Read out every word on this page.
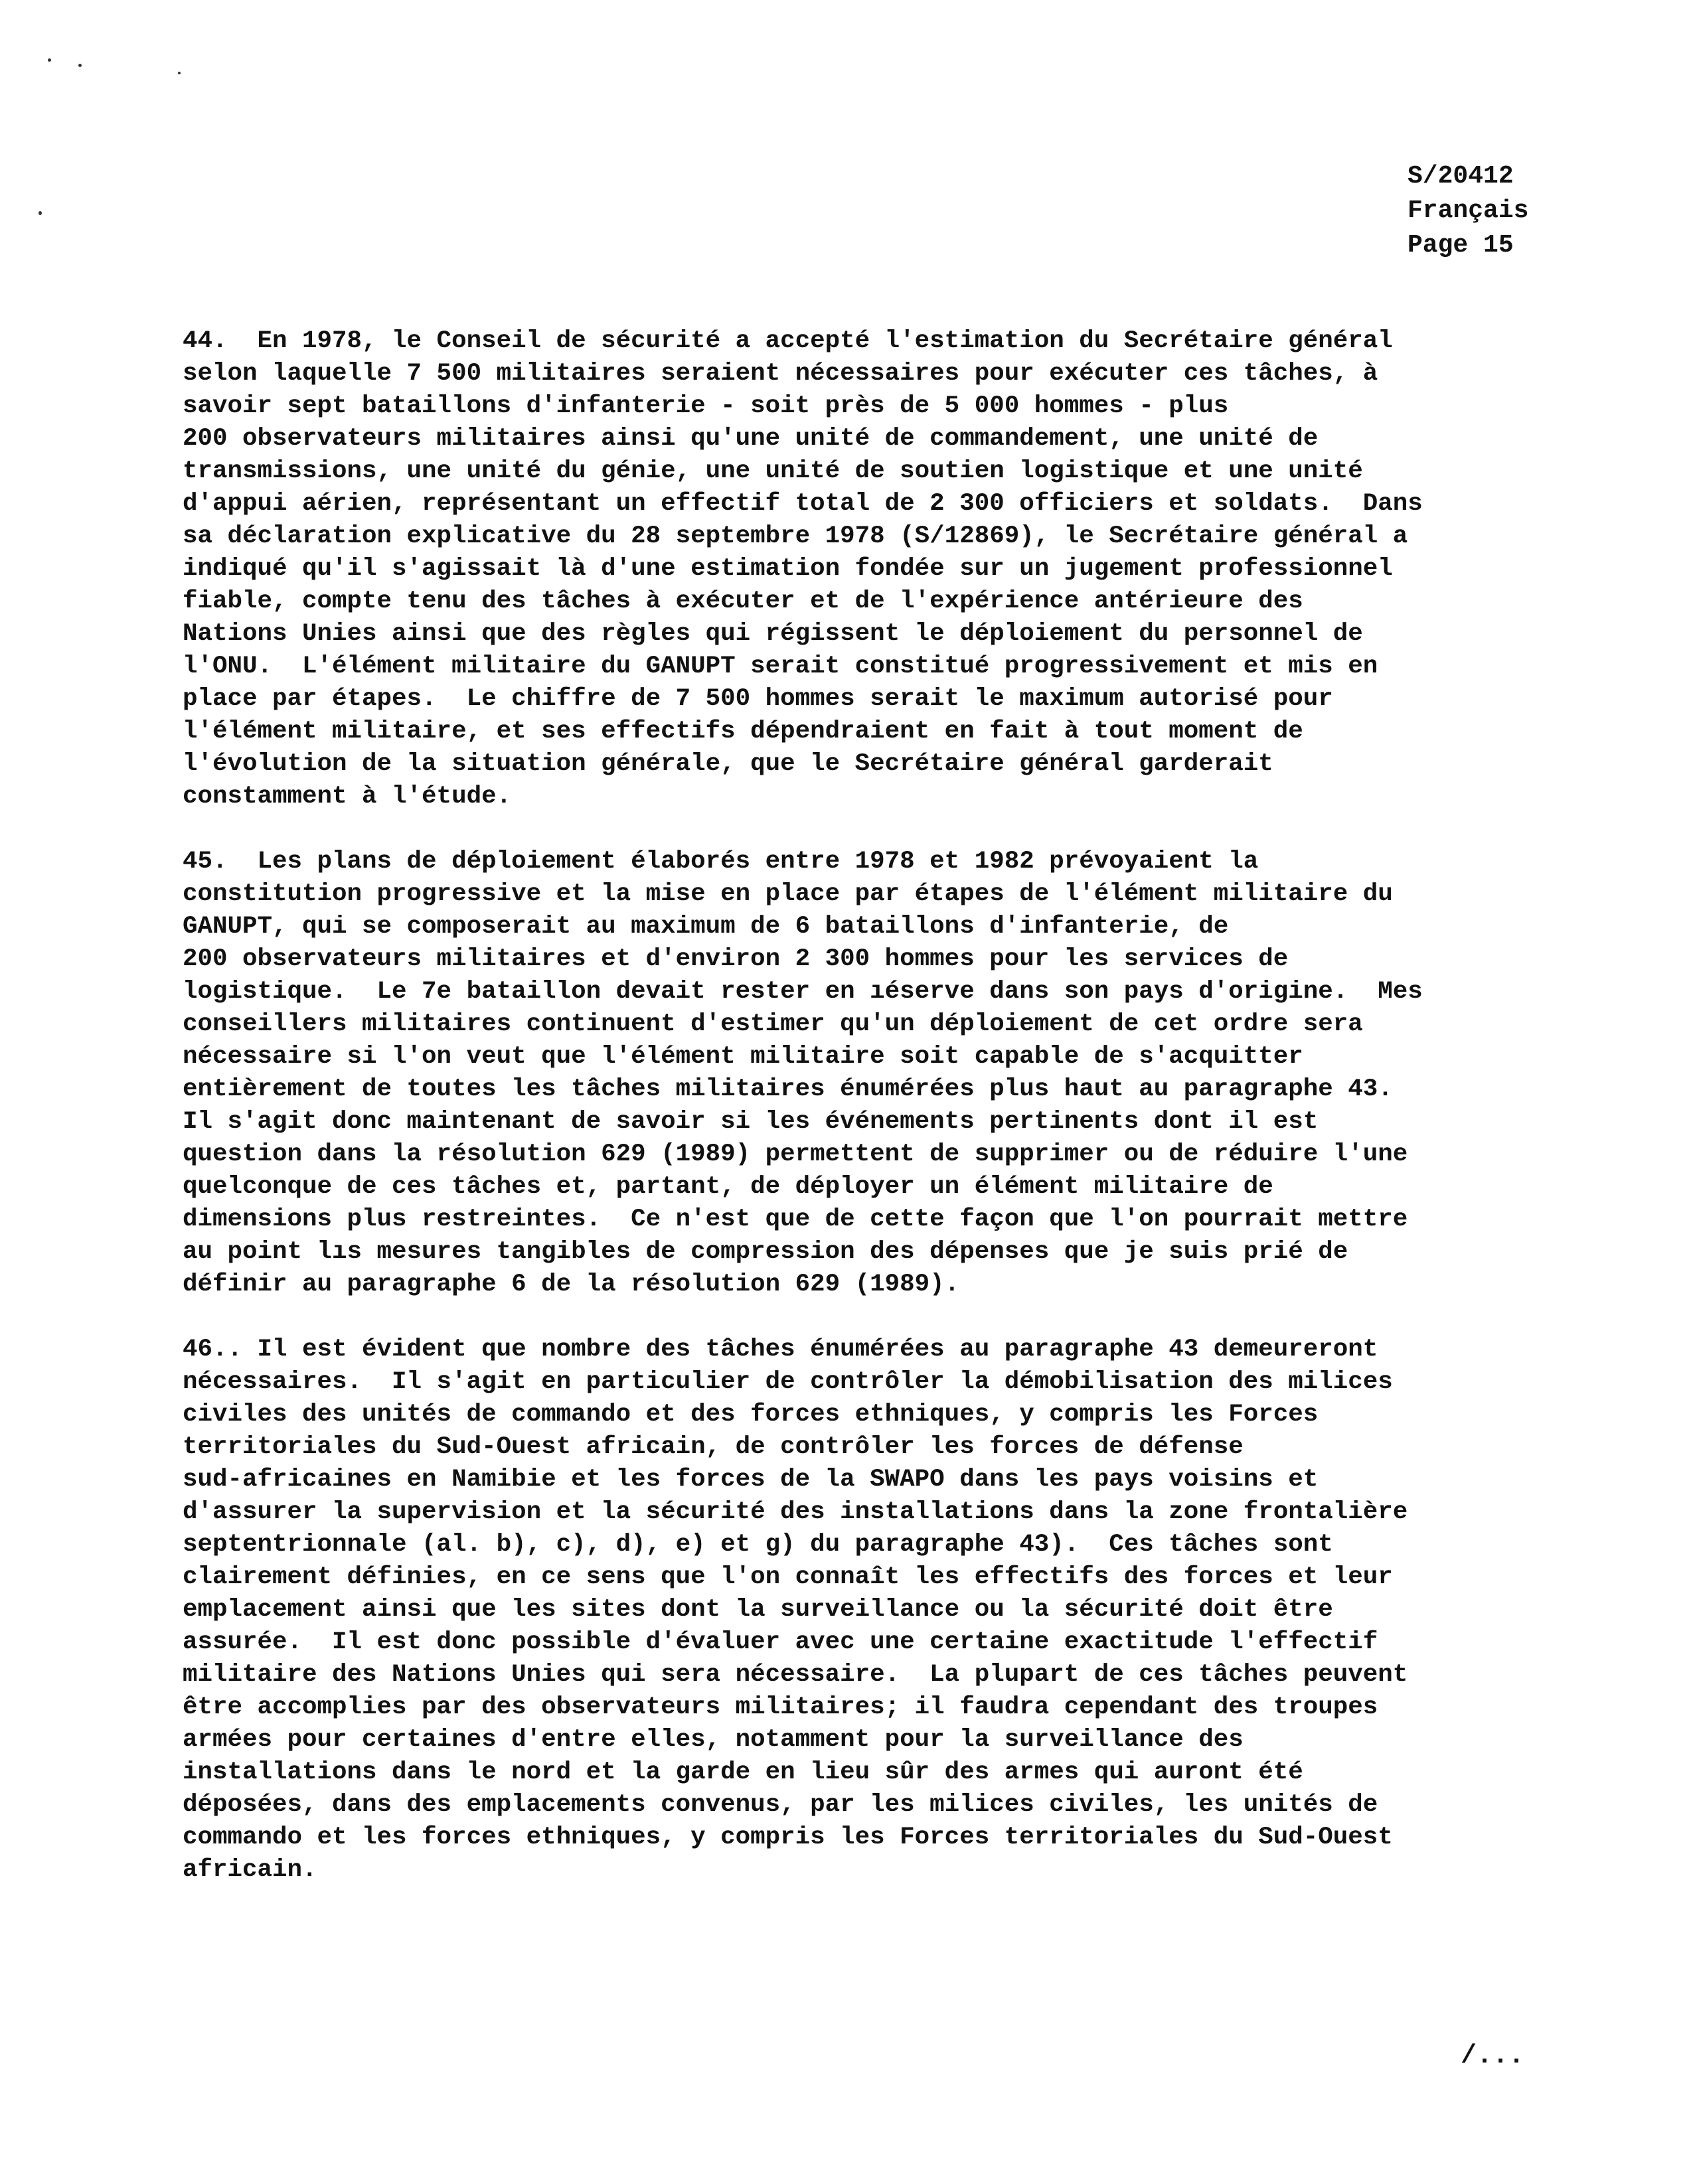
S/20412
Français
Page 15
44.  En 1978, le Conseil de sécurité a accepté l'estimation du Secrétaire général
selon laquelle 7 500 militaires seraient nécessaires pour exécuter ces tâches, à
savoir sept bataillons d'infanterie - soit près de 5 000 hommes - plus
200 observateurs militaires ainsi qu'une unité de commandement, une unité de
transmissions, une unité du génie, une unité de soutien logistique et une unité
d'appui aérien, représentant un effectif total de 2 300 officiers et soldats.  Dans
sa déclaration explicative du 28 septembre 1978 (S/12869), le Secrétaire général a
indiqué qu'il s'agissait là d'une estimation fondée sur un jugement professionnel
fiable, compte tenu des tâches à exécuter et de l'expérience antérieure des
Nations Unies ainsi que des règles qui régissent le déploiement du personnel de
l'ONU.  L'élément militaire du GANUPT serait constitué progressivement et mis en
place par étapes.  Le chiffre de 7 500 hommes serait le maximum autorisé pour
l'élément militaire, et ses effectifs dépendraient en fait à tout moment de
l'évolution de la situation générale, que le Secrétaire général garderait
constamment à l'étude.
45.  Les plans de déploiement élaborés entre 1978 et 1982 prévoyaient la
constitution progressive et la mise en place par étapes de l'élément militaire du
GANUPT, qui se composerait au maximum de 6 bataillons d'infanterie, de
200 observateurs militaires et d'environ 2 300 hommes pour les services de
logistique.  Le 7e bataillon devait rester en ıéserve dans son pays d'origine.  Mes
conseillers militaires continuent d'estimer qu'un déploiement de cet ordre sera
nécessaire si l'on veut que l'élément militaire soit capable de s'acquitter
entièrement de toutes les tâches militaires énumérées plus haut au paragraphe 43.
Il s'agit donc maintenant de savoir si les événements pertinents dont il est
question dans la résolution 629 (1989) permettent de supprimer ou de réduire l'une
quelconque de ces tâches et, partant, de déployer un élément militaire de
dimensions plus restreintes.  Ce n'est que de cette façon que l'on pourrait mettre
au point lıs mesures tangibles de compression des dépenses que je suis prié de
définir au paragraphe 6 de la résolution 629 (1989).
46.. Il est évident que nombre des tâches énumérées au paragraphe 43 demeureront
nécessaires.  Il s'agit en particulier de contrôler la démobilisation des milices
civiles des unités de commando et des forces ethniques, y compris les Forces
territoriales du Sud-Ouest africain, de contrôler les forces de défense
sud-africaines en Namibie et les forces de la SWAPO dans les pays voisins et
d'assurer la supervision et la sécurité des installations dans la zone frontalière
septentrionnale (al. b), c), d), e) et g) du paragraphe 43).  Ces tâches sont
clairement définies, en ce sens que l'on connaît les effectifs des forces et leur
emplacement ainsi que les sites dont la surveillance ou la sécurité doit être
assurée.  Il est donc possible d'évaluer avec une certaine exactitude l'effectif
militaire des Nations Unies qui sera nécessaire.  La plupart de ces tâches peuvent
être accomplies par des observateurs militaires; il faudra cependant des troupes
armées pour certaines d'entre elles, notamment pour la surveillance des
installations dans le nord et la garde en lieu sûr des armes qui auront été
déposées, dans des emplacements convenus, par les milices civiles, les unités de
commando et les forces ethniques, y compris les Forces territoriales du Sud-Ouest
africain.
/...
